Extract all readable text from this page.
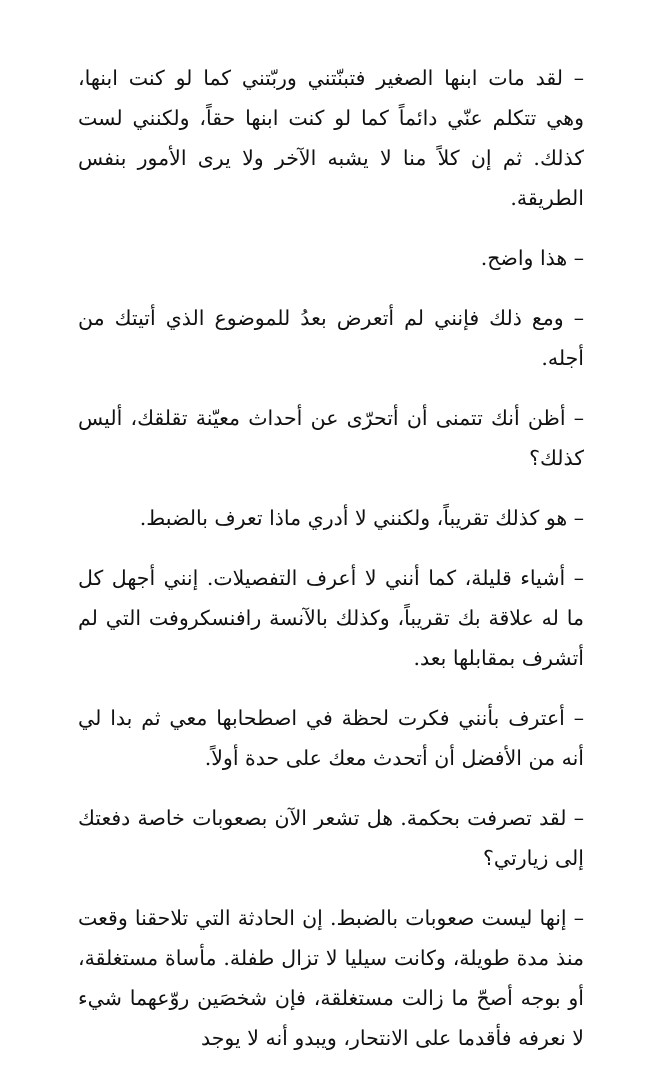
– لقد مات ابنها الصغير فتبنّتني وربّتني كما لو كنت ابنها، وهي تتكلم عنّي دائماً كما لو كنت ابنها حقاً، ولكنني لست كذلك. ثم إن كلاً منا لا يشبه الآخر ولا يرى الأمور بنفس الطريقة.

– هذا واضح.

– ومع ذلك فإنني لم أتعرض بعدُ للموضوع الذي أتيتك من أجله.

– أظن أنك تتمنى أن أتحرّى عن أحداث معيّنة تقلقك، أليس كذلك؟

– هو كذلك تقريباً، ولكنني لا أدري ماذا تعرف بالضبط.

– أشياء قليلة، كما أنني لا أعرف التفصيلات. إنني أجهل كل ما له علاقة بك تقريباً، وكذلك بالآنسة رافنسكروفت التي لم أتشرف بمقابلها بعد.

– أعترف بأنني فكرت لحظة في اصطحابها معي ثم بدا لي أنه من الأفضل أن أتحدث معك على حدة أولاً.

– لقد تصرفت بحكمة. هل تشعر الآن بصعوبات خاصة دفعتك إلى زيارتي؟

– إنها ليست صعوبات بالضبط. إن الحادثة التي تلاحقنا وقعت منذ مدة طويلة، وكانت سيليا لا تزال طفلة. مأساة مستغلقة، أو بوجه أصحّ ما زالت مستغلقة، فإن شخصَين روّعهما شيء لا نعرفه فأقدما على الانتحار، ويبدو أنه لا يوجد
